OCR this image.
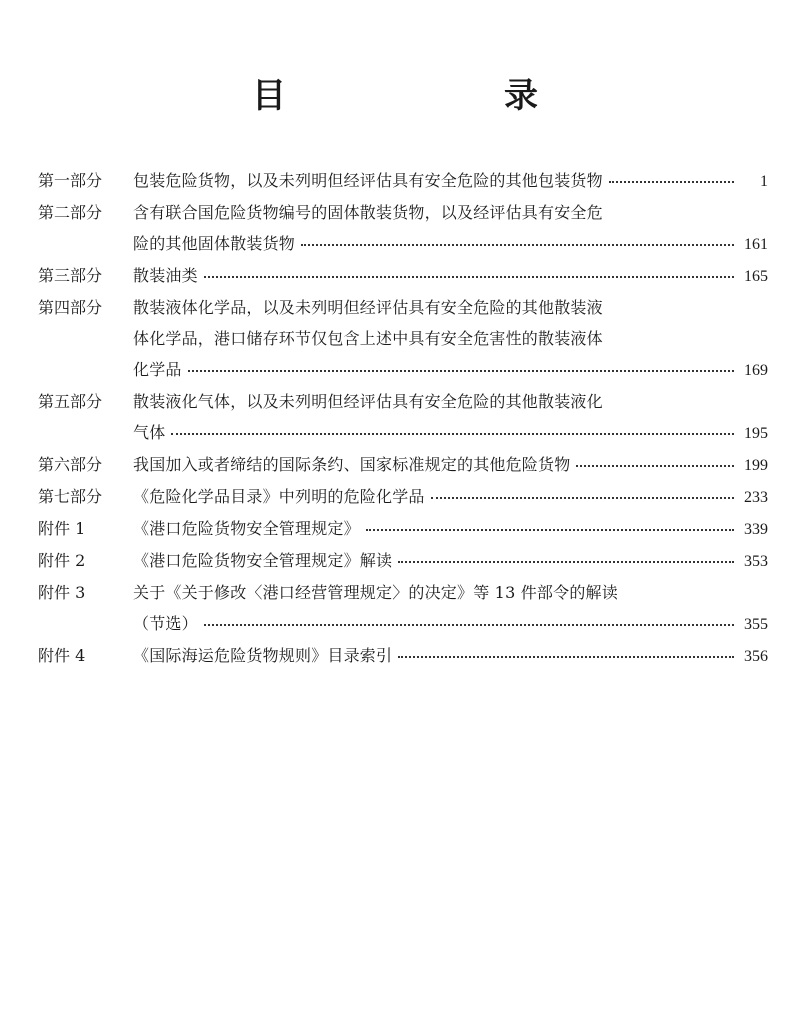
目　　录
第一部分	包装危险货物，以及未列明但经评估具有安全危险的其他包装货物	1
第二部分	含有联合国危险货物编号的固体散装货物，以及经评估具有安全危
险的其他固体散装货物	161
第三部分	散装油类	165
第四部分	散装液体化学品，以及未列明但经评估具有安全危险的其他散装液
体化学品，港口储存环节仅包含上述中具有安全危害性的散装液体
化学品	169
第五部分	散装液化气体，以及未列明但经评估具有安全危险的其他散装液化
气体	195
第六部分	我国加入或者缔结的国际条约、国家标准规定的其他危险货物	199
第七部分	《危险化学品目录》中列明的危险化学品	233
附件 1	《港口危险货物安全管理规定》	339
附件 2	《港口危险货物安全管理规定》解读	353
附件 3	关于《关于修改〈港口经营管理规定〉的决定》等 13 件部令的解读
（节选）	355
附件 4	《国际海运危险货物规则》目录索引	356
